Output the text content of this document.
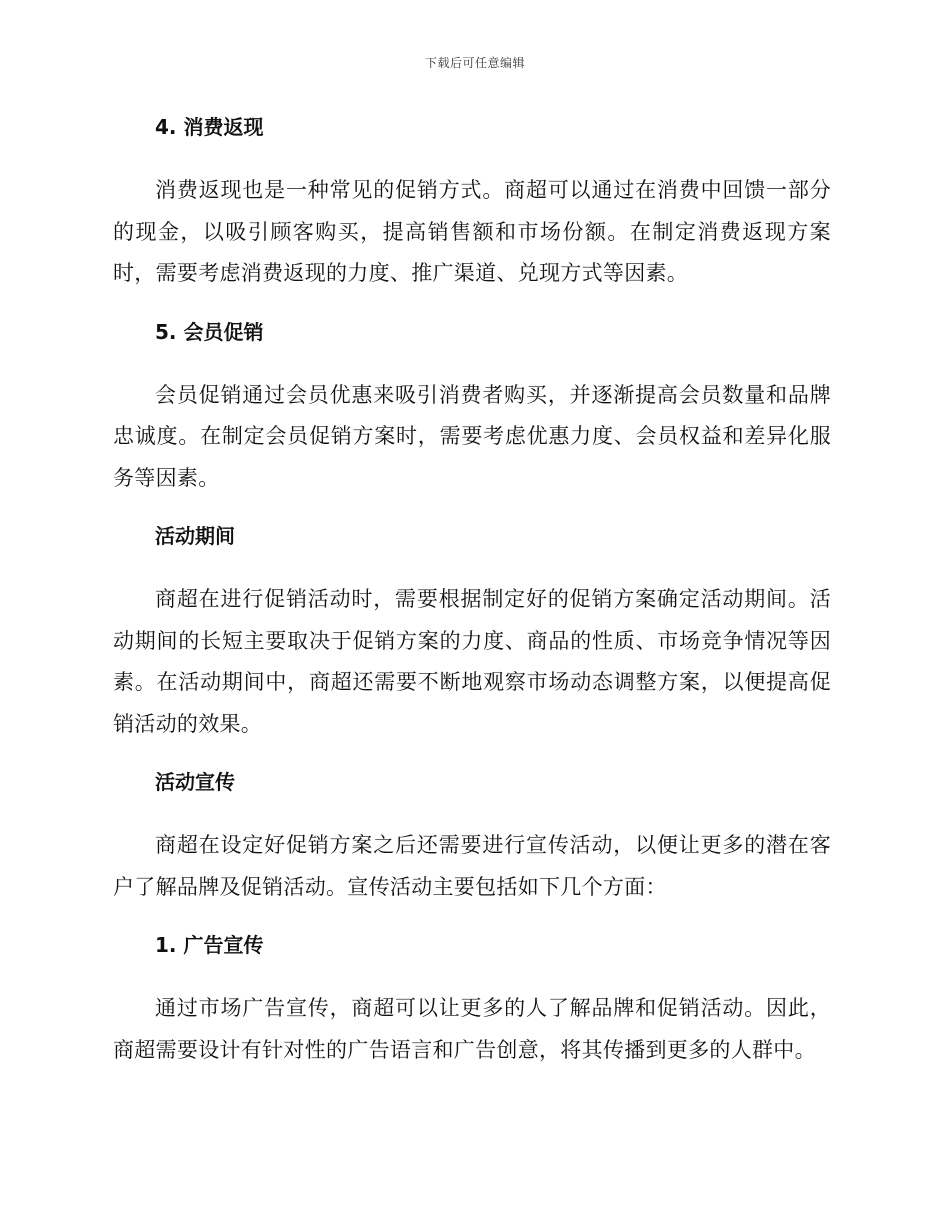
下载后可任意编辑
4. 消费返现

消费返现也是一种常见的促销方式。商超可以通过在消费中回馈一部分的现金，以吸引顾客购买，提高销售额和市场份额。在制定消费返现方案时，需要考虑消费返现的力度、推广渠道、兑现方式等因素。

5. 会员促销

会员促销通过会员优惠来吸引消费者购买，并逐渐提高会员数量和品牌忠诚度。在制定会员促销方案时，需要考虑优惠力度、会员权益和差异化服务等因素。

活动期间

商超在进行促销活动时，需要根据制定好的促销方案确定活动期间。活动期间的长短主要取决于促销方案的力度、商品的性质、市场竞争情况等因素。在活动期间中，商超还需要不断地观察市场动态调整方案，以便提高促销活动的效果。

活动宣传

商超在设定好促销方案之后还需要进行宣传活动，以便让更多的潜在客户了解品牌及促销活动。宣传活动主要包括如下几个方面：

1. 广告宣传

通过市场广告宣传，商超可以让更多的人了解品牌和促销活动。因此，商超需要设计有针对性的广告语言和广告创意，将其传播到更多的人群中。
